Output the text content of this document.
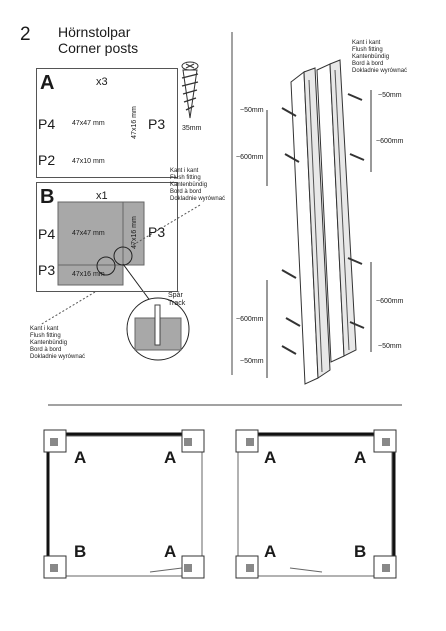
2 Hörnstolpar
Corner posts
A	x3
P4	P3
P2
47x47 mm	47x16 mm
47x10 mm
B	x1
P4	P3
P3
47x47 mm	47x16 mm
47x16 mm
35mm
Kant i kant
Flush fitting
Kantenbündig
Bord à bord
Dokladnie wyrównać
Kant i kant
Flush fitting
Kantenbündig
Bord à bord
Dokladnie wyrównać
Kant i kant
Flush fitting
Kantenbündig
Bord à bord
Dokladnie wyrównać
Spår
Track
~50mm
~600mm
~600mm
~50mm
~50mm
~600mm
~600mm
~50mm
A	A
B	A
A	A
A	B
